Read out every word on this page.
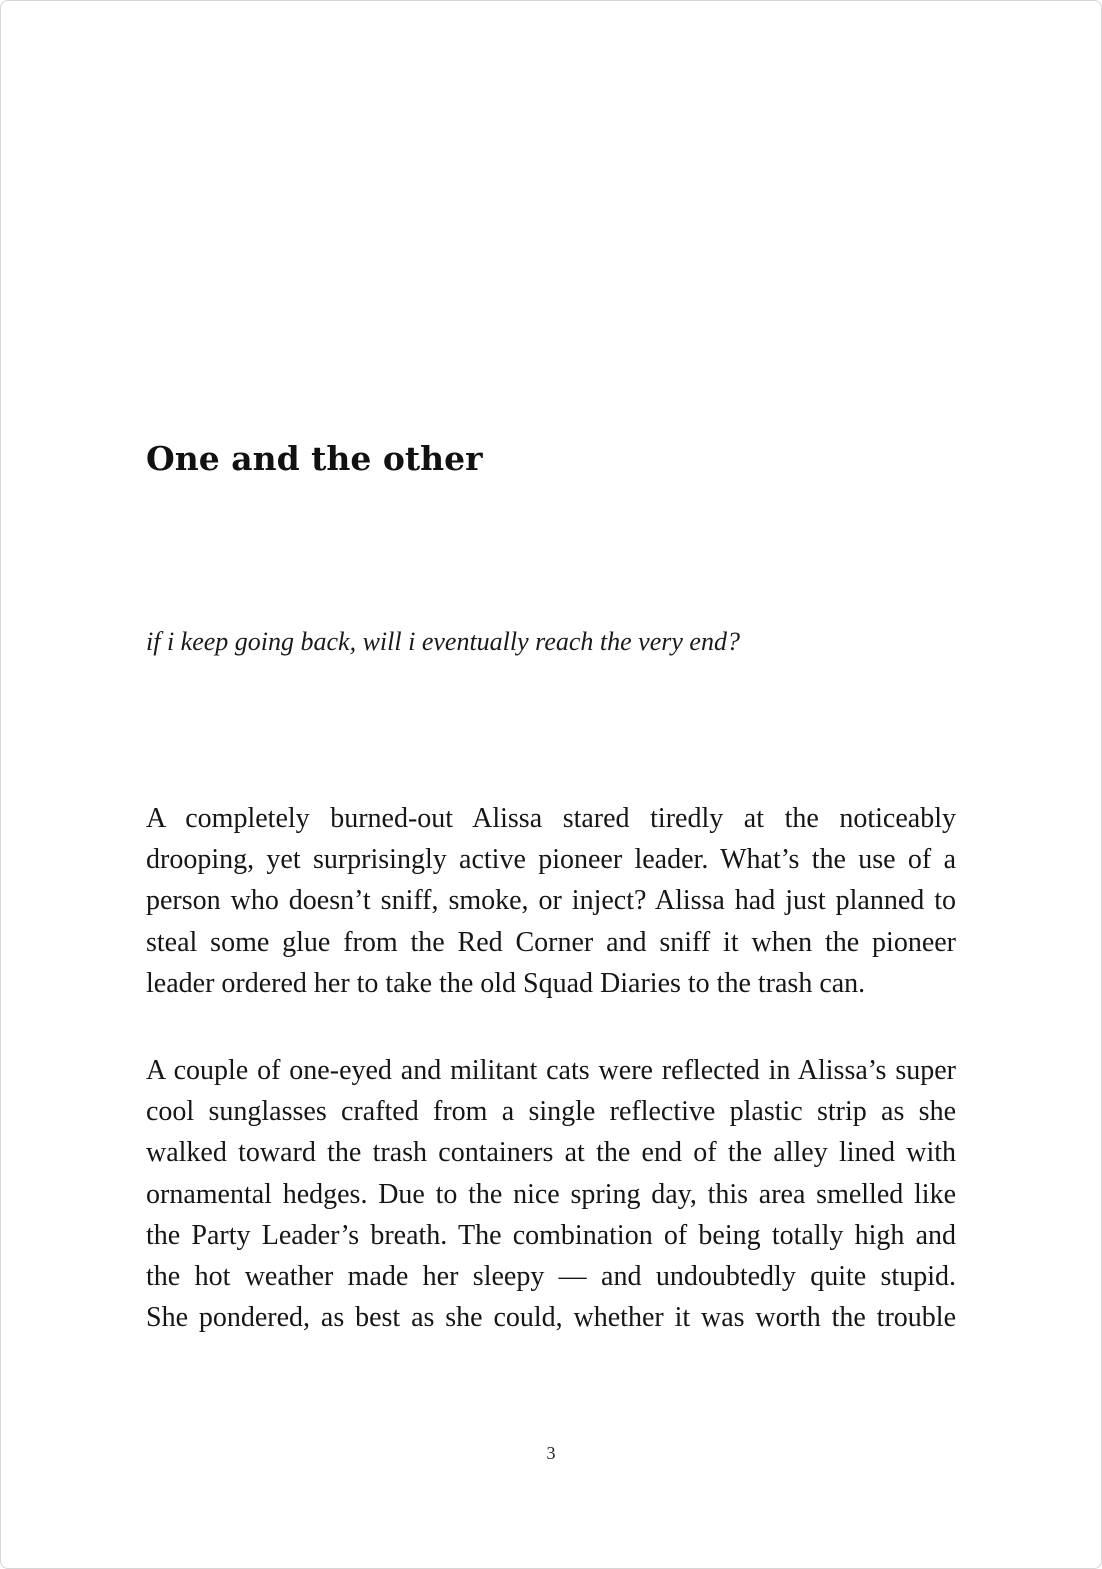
One and the other

if i keep going back, will i eventually reach the very end?

A completely burned-out Alissa stared tiredly at the noticeably
drooping, yet surprisingly active pioneer leader. What’s the use of a
person who doesn’t sniff, smoke, or inject? Alissa had just planned to
steal some glue from the Red Corner and sniff it when the pioneer
leader ordered her to take the old Squad Diaries to the trash can.
A couple of one-eyed and militant cats were reflected in Alissa’s super
cool sunglasses crafted from a single reflective plastic strip as she
walked toward the trash containers at the end of the alley lined with
ornamental hedges. Due to the nice spring day, this area smelled like
the Party Leader’s breath. The combination of being totally high and
the hot weather made her sleepy — and undoubtedly quite stupid.
She pondered, as best as she could, whether it was worth the trouble
3
